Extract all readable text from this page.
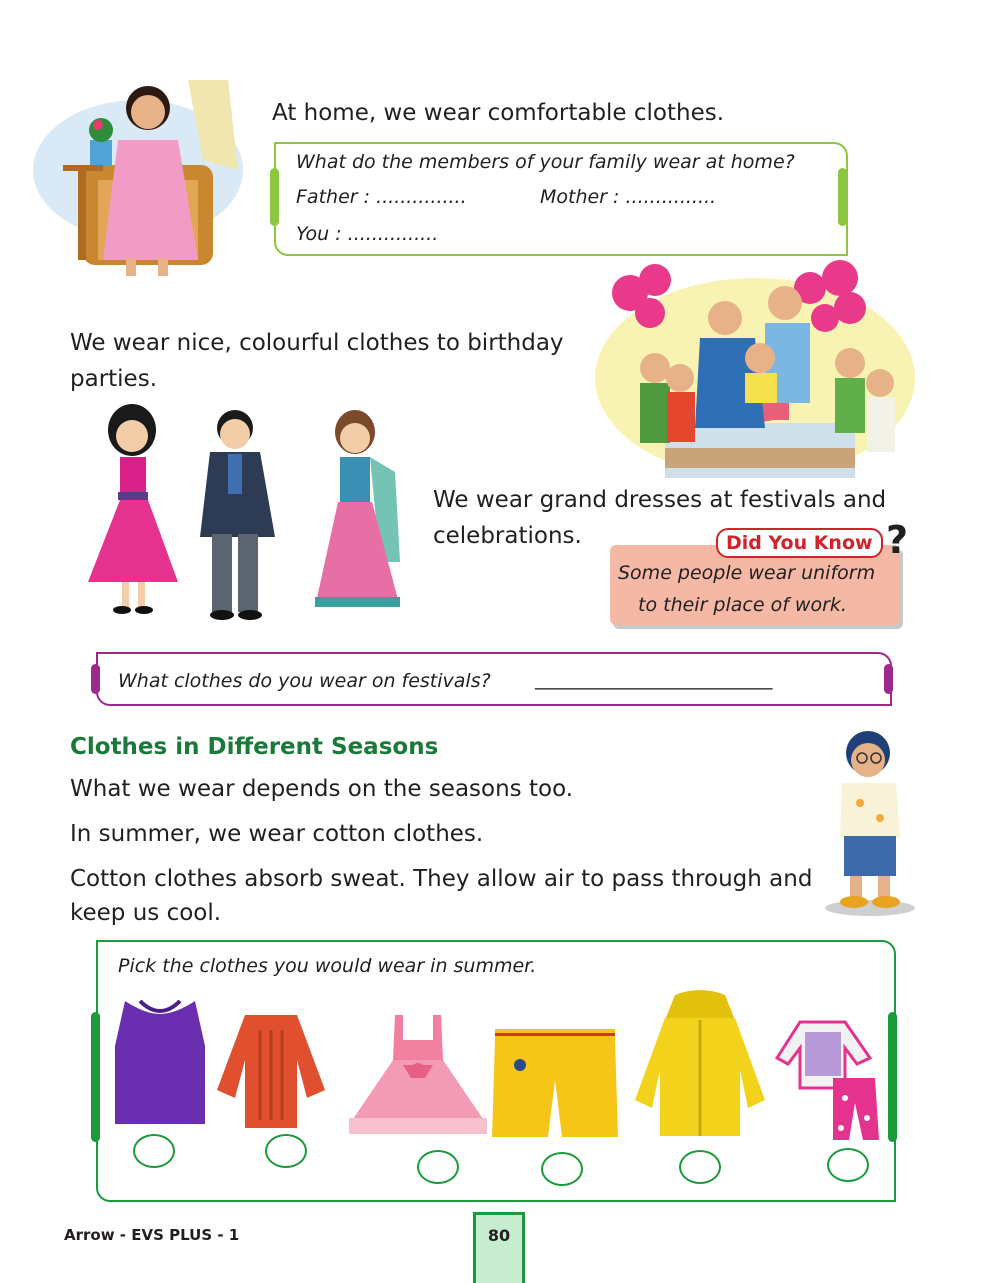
At home, we wear comfortable clothes.
What do the members of your family wear at home?
Father : ...............	Mother : ...............
You : ...............
We wear nice, colourful clothes to birthday
parties.
We wear grand dresses at festivals and
celebrations.	Did You Know ?
Some people wear uniform
to their place of work.
What clothes do you wear on festivals? _________________________
Clothes in Different Seasons
What we wear depends on the seasons too.
In summer, we wear cotton clothes.
Cotton clothes absorb sweat. They allow air to pass through and
keep us cool.
Pick the clothes you would wear in summer.
Arrow - EVS PLUS - 1	80
